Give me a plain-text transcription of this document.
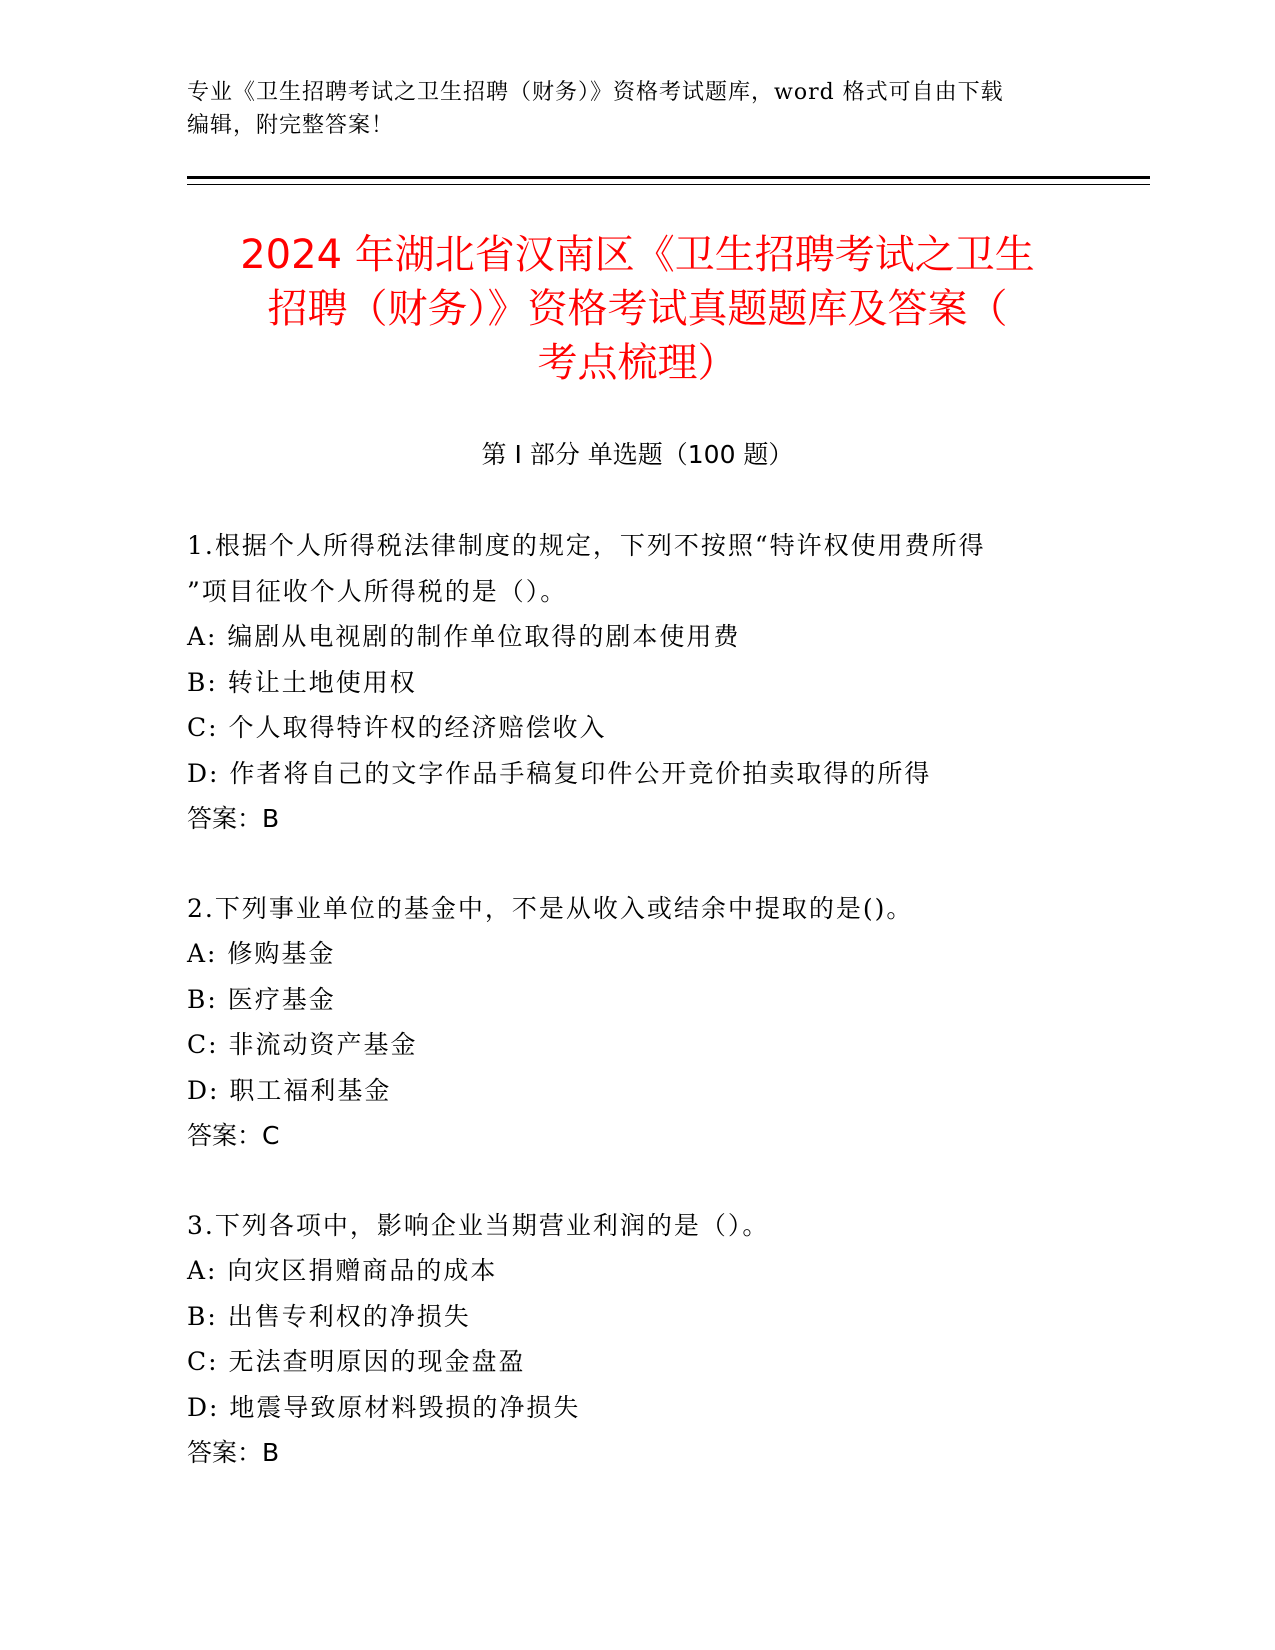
专业《卫生招聘考试之卫生招聘（财务）》资格考试题库，word 格式可自由下载
编辑，附完整答案！
2024 年湖北省汉南区《卫生招聘考试之卫生
招聘（财务）》资格考试真题题库及答案（
考点梳理）
第 I 部分 单选题（100 题）
1.根据个人所得税法律制度的规定，下列不按照“特许权使用费所得
”项目征收个人所得税的是（）。
A: 编剧从电视剧的制作单位取得的剧本使用费
B: 转让土地使用权
C: 个人取得特许权的经济赔偿收入
D: 作者将自己的文字作品手稿复印件公开竞价拍卖取得的所得
答案：B
2.下列事业单位的基金中，不是从收入或结余中提取的是()。
A: 修购基金
B: 医疗基金
C: 非流动资产基金
D: 职工福利基金
答案：C
3.下列各项中，影响企业当期营业利润的是（）。
A: 向灾区捐赠商品的成本
B: 出售专利权的净损失
C: 无法查明原因的现金盘盈
D: 地震导致原材料毁损的净损失
答案：B
